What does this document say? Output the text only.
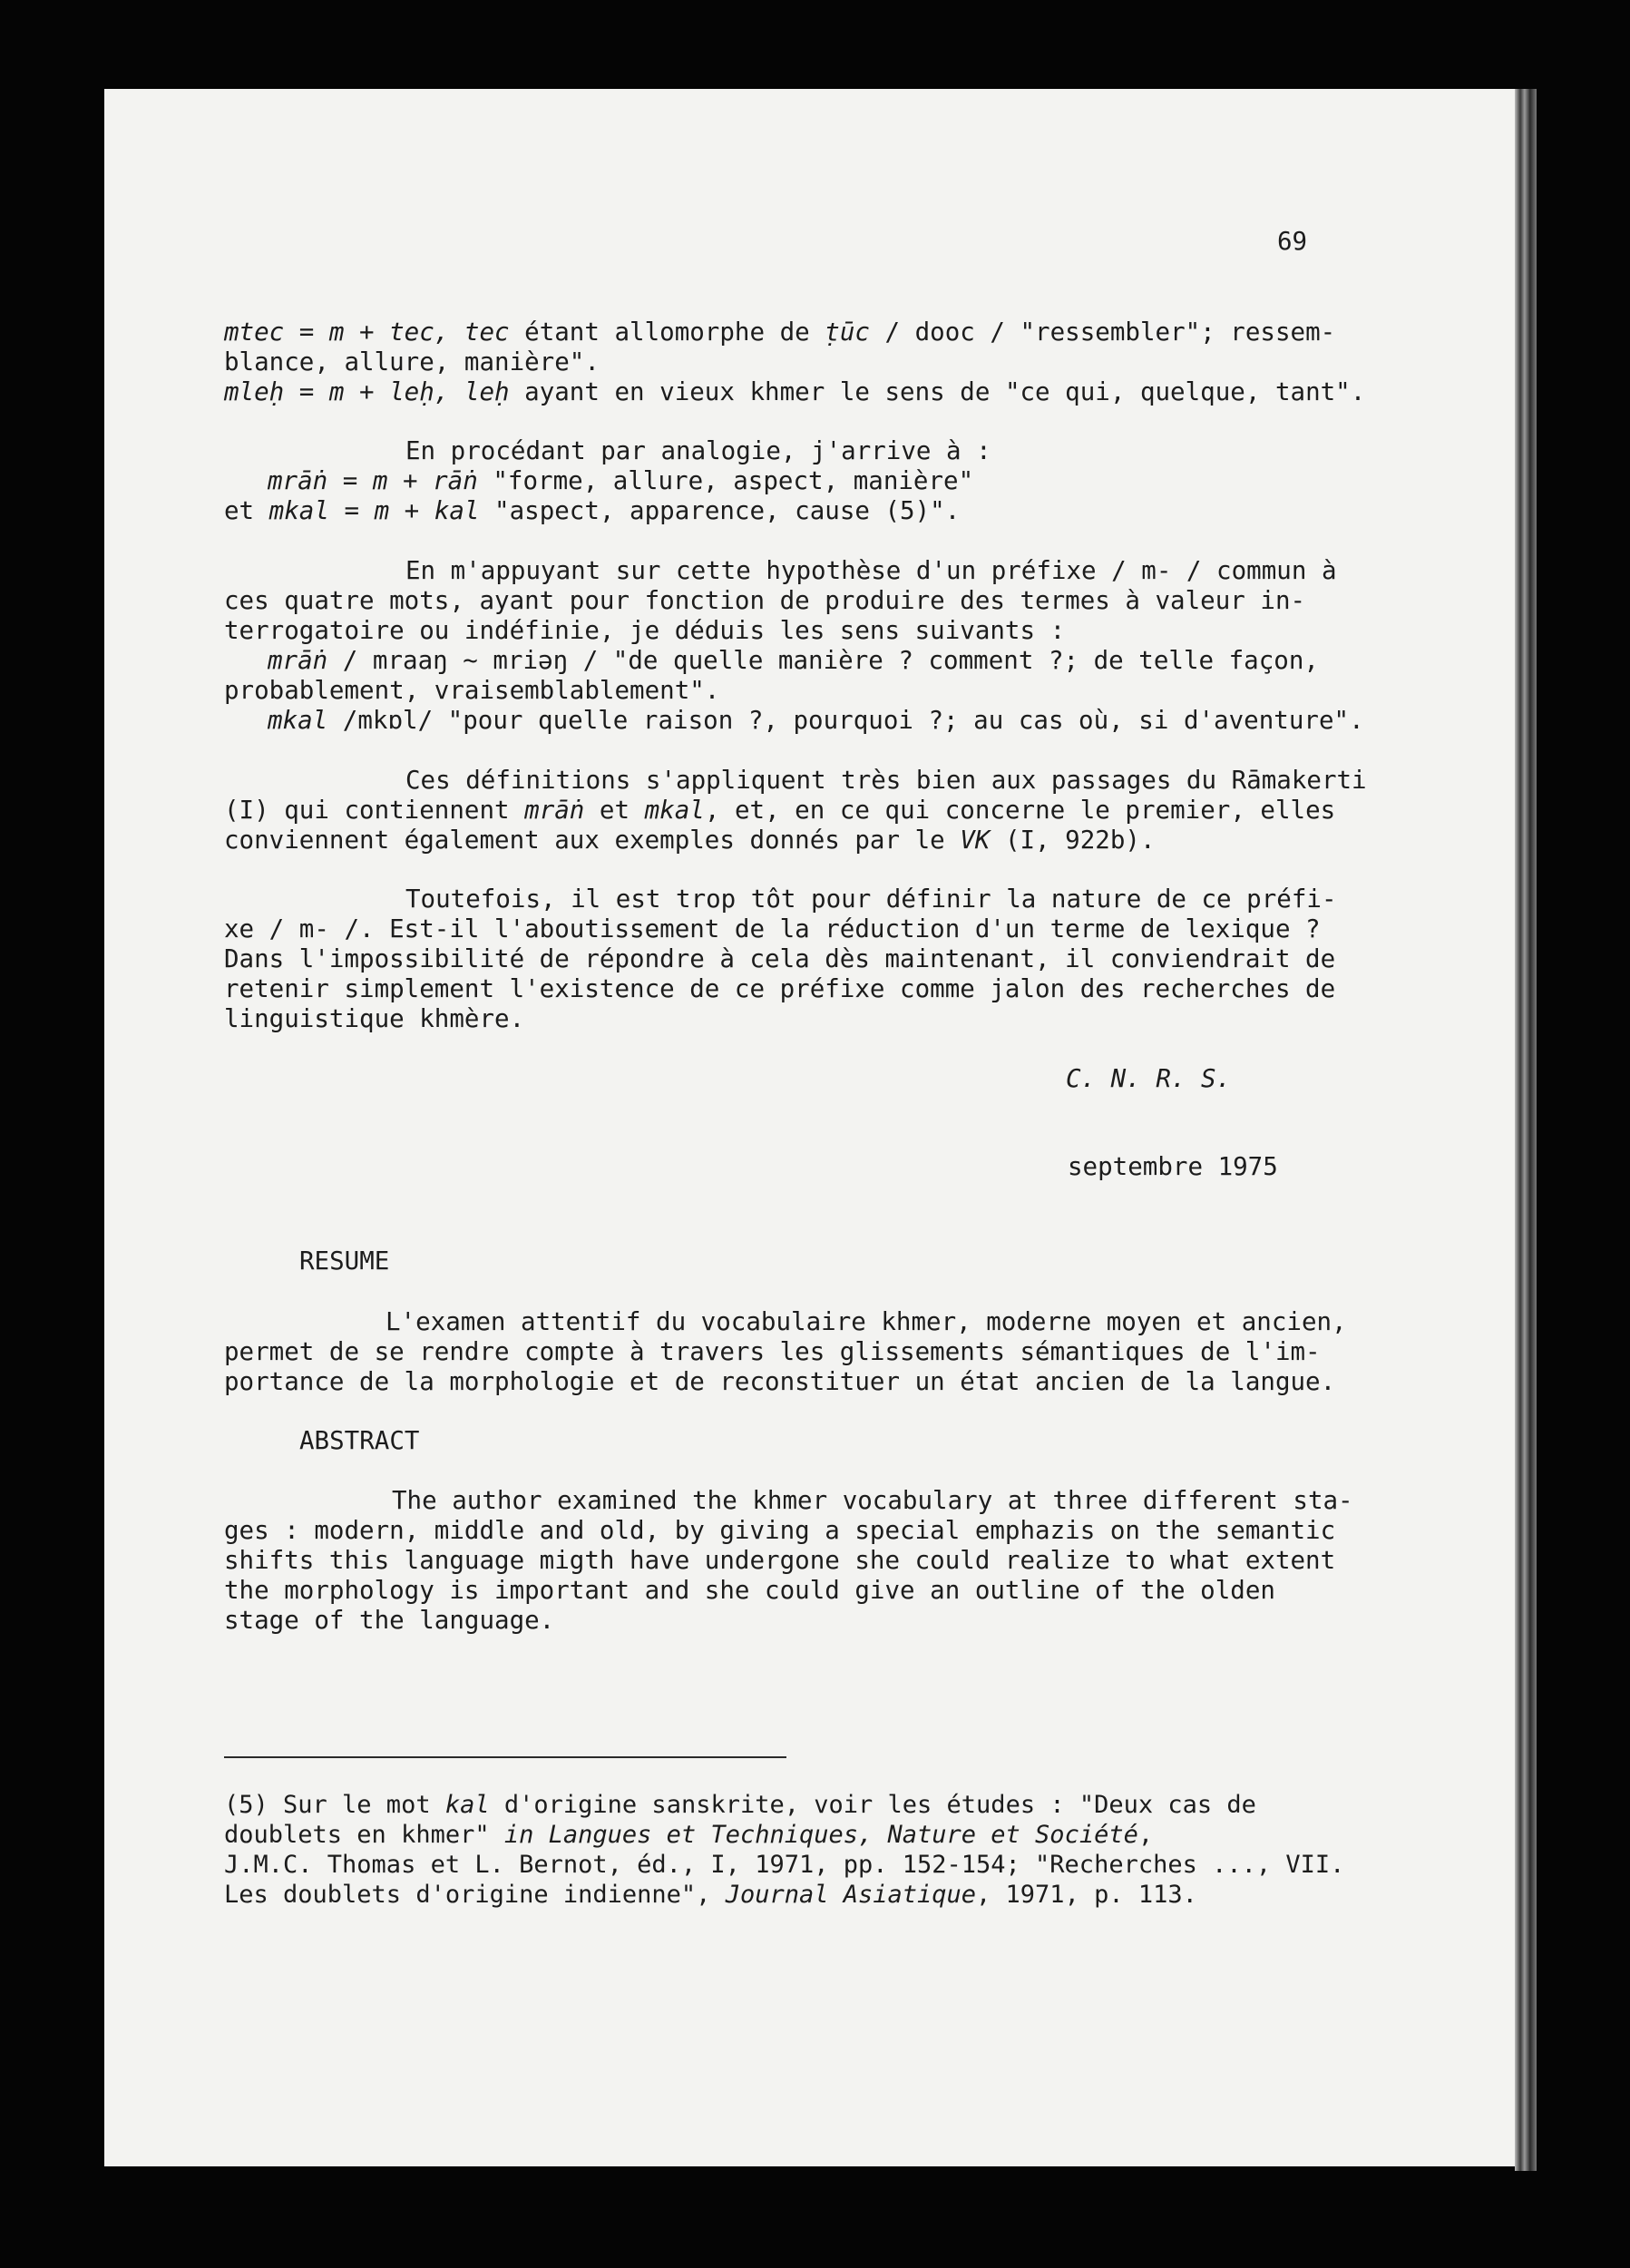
69

mtec = m + tec, tec étant allomorphe de ṭūc / dooc / "ressembler"; ressem-

blance, allure, manière".

mleḥ = m + leḥ, leḥ ayant en vieux khmer le sens de "ce qui, quelque, tant".

En procédant par analogie, j'arrive à :

mrāṅ = m + rāṅ "forme, allure, aspect, manière"

et mkal = m + kal "aspect, apparence, cause (5)".

En m'appuyant sur cette hypothèse d'un préfixe / m- / commun à

ces quatre mots, ayant pour fonction de produire des termes à valeur in-

terrogatoire ou indéfinie, je déduis les sens suivants :

mrāṅ / mraaŋ ~ mriəŋ / "de quelle manière ? comment ?; de telle façon,

probablement, vraisemblablement".

mkal /mkɒl/ "pour quelle raison ?, pourquoi ?; au cas où, si d'aventure".

Ces définitions s'appliquent très bien aux passages du Rāmakerti

(I) qui contiennent mrāṅ et mkal, et, en ce qui concerne le premier, elles

conviennent également aux exemples donnés par le VK (I, 922b).

Toutefois, il est trop tôt pour définir la nature de ce préfi-

xe / m- /. Est-il l'aboutissement de la réduction d'un terme de lexique ?

Dans l'impossibilité de répondre à cela dès maintenant, il conviendrait de

retenir simplement l'existence de ce préfixe comme jalon des recherches de

linguistique khmère.

C. N. R. S.

septembre 1975

RESUME

L'examen attentif du vocabulaire khmer, moderne moyen et ancien,

permet de se rendre compte à travers les glissements sémantiques de l'im-

portance de la morphologie et de reconstituer un état ancien de la langue.

ABSTRACT

The author examined the khmer vocabulary at three different sta-

ges : modern, middle and old, by giving a special emphazis on the semantic

shifts this language migth have undergone she could realize to what extent

the morphology is important and she could give an outline of the olden

stage of the language.

(5) Sur le mot kal d'origine sanskrite, voir les études : "Deux cas de

doublets en khmer" in Langues et Techniques, Nature et Société,

J.M.C. Thomas et L. Bernot, éd., I, 1971, pp. 152-154; "Recherches ..., VII.

Les doublets d'origine indienne", Journal Asiatique, 1971, p. 113.
